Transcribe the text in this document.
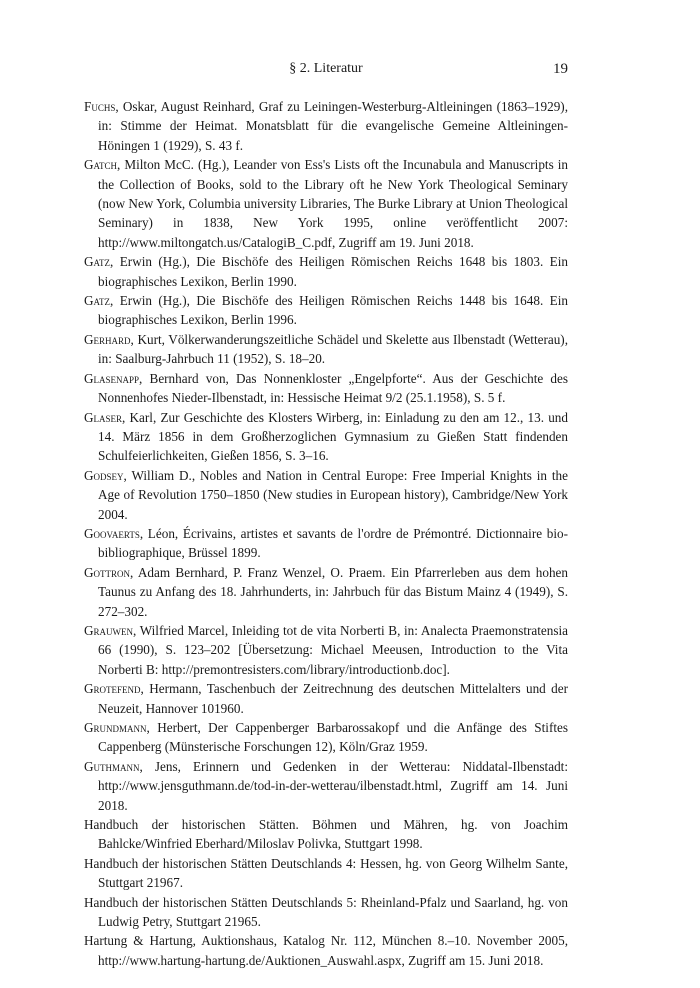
§ 2. Literatur	19

Fuchs, Oskar, August Reinhard, Graf zu Leiningen-Westerburg-Altleiningen (1863–1929), in: Stimme der Heimat. Monatsblatt für die evangelische Gemeine Altleiningen-Höningen 1 (1929), S. 43 f.

Gatch, Milton McC. (Hg.), Leander von Ess's Lists oft the Incunabula and Manuscripts in the Collection of Books, sold to the Library oft he New York Theological Seminary (now New York, Columbia university Libraries, The Burke Library at Union Theological Seminary) in 1838, New York 1995, online veröffentlicht 2007: http://www.miltongatch.us/CatalogiB_C.pdf, Zugriff am 19. Juni 2018.

Gatz, Erwin (Hg.), Die Bischöfe des Heiligen Römischen Reichs 1648 bis 1803. Ein biographisches Lexikon, Berlin 1990.

Gatz, Erwin (Hg.), Die Bischöfe des Heiligen Römischen Reichs 1448 bis 1648. Ein biographisches Lexikon, Berlin 1996.

Gerhard, Kurt, Völkerwanderungszeitliche Schädel und Skelette aus Ilbenstadt (Wetterau), in: Saalburg-Jahrbuch 11 (1952), S. 18–20.

Glasenapp, Bernhard von, Das Nonnenkloster „Engelpforte“. Aus der Geschichte des Nonnenhofes Nieder-Ilbenstadt, in: Hessische Heimat 9/2 (25.1.1958), S. 5 f.

Glaser, Karl, Zur Geschichte des Klosters Wirberg, in: Einladung zu den am 12., 13. und 14. März 1856 in dem Großherzoglichen Gymnasium zu Gießen Statt findenden Schulfeierlichkeiten, Gießen 1856, S. 3–16.

Godsey, William D., Nobles and Nation in Central Europe: Free Imperial Knights in the Age of Revolution 1750–1850 (New studies in European history), Cambridge/New York 2004.

Goovaerts, Léon, Écrivains, artistes et savants de l'ordre de Prémontré. Dictionnaire bio-bibliographique, Brüssel 1899.

Gottron, Adam Bernhard, P. Franz Wenzel, O. Praem. Ein Pfarrerleben aus dem hohen Taunus zu Anfang des 18. Jahrhunderts, in: Jahrbuch für das Bistum Mainz 4 (1949), S. 272–302.

Grauwen, Wilfried Marcel, Inleiding tot de vita Norberti B, in: Analecta Praemonstratensia 66 (1990), S. 123–202 [Übersetzung: Michael Meeusen, Introduction to the Vita Norberti B: http://premontresisters.com/library/introductionb.doc].

Grotefend, Hermann, Taschenbuch der Zeitrechnung des deutschen Mittelalters und der Neuzeit, Hannover 101960.

Grundmann, Herbert, Der Cappenberger Barbarossakopf und die Anfänge des Stiftes Cappenberg (Münsterische Forschungen 12), Köln/Graz 1959.

Guthmann, Jens, Erinnern und Gedenken in der Wetterau: Niddatal-Ilbenstadt: http://www.jensguthmann.de/tod-in-der-wetterau/ilbenstadt.html, Zugriff am 14. Juni 2018.

Handbuch der historischen Stätten. Böhmen und Mähren, hg. von Joachim Bahlcke/Winfried Eberhard/Miloslav Polivka, Stuttgart 1998.

Handbuch der historischen Stätten Deutschlands 4: Hessen, hg. von Georg Wilhelm Sante, Stuttgart 21967.

Handbuch der historischen Stätten Deutschlands 5: Rheinland-Pfalz und Saarland, hg. von Ludwig Petry, Stuttgart 21965.

Hartung & Hartung, Auktionshaus, Katalog Nr. 112, München 8.–10. November 2005, http://www.hartung-hartung.de/Auktionen_Auswahl.aspx, Zugriff am 15. Juni 2018.
